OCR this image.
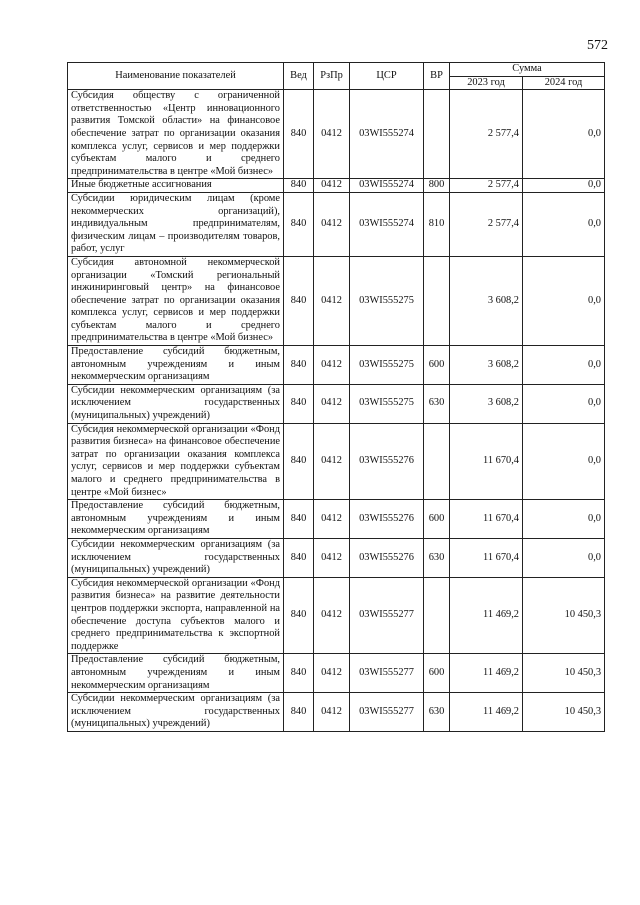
572
Наименование показателей	Вед	РзПр	ЦСР	ВР	Сумма	
					2023 год	2024 год
Субсидия обществу с ограниченной ответственностью «Центр инновационного развития Томской области» на финансовое обеспечение затрат по организации оказания комплекса услуг, сервисов и мер поддержки субъектам малого и среднего предпринимательства в центре «Мой бизнес»	840	0412	03WI555274		2 577,4	0,0
Иные бюджетные ассигнования	840	0412	03WI555274	800	2 577,4	0,0
Субсидии юридическим лицам (кроме некоммерческих организаций), индивидуальным предпринимателям, физическим лицам – производителям товаров, работ, услуг	840	0412	03WI555274	810	2 577,4	0,0
Субсидия автономной некоммерческой организации «Томский региональный инжиниринговый центр» на финансовое обеспечение затрат по организации оказания комплекса услуг, сервисов и мер поддержки субъектам малого и среднего предпринимательства в центре «Мой бизнес»	840	0412	03WI555275		3 608,2	0,0
Предоставление субсидий бюджетным, автономным учреждениям и иным некоммерческим организациям	840	0412	03WI555275	600	3 608,2	0,0
Субсидии некоммерческим организациям (за исключением государственных (муниципальных) учреждений)	840	0412	03WI555275	630	3 608,2	0,0
Субсидия некоммерческой организации «Фонд развития бизнеса» на финансовое обеспечение затрат по организации оказания комплекса услуг, сервисов и мер поддержки субъектам малого и среднего предпринимательства в центре «Мой бизнес»	840	0412	03WI555276		11 670,4	0,0
Предоставление субсидий бюджетным, автономным учреждениям и иным некоммерческим организациям	840	0412	03WI555276	600	11 670,4	0,0
Субсидии некоммерческим организациям (за исключением государственных (муниципальных) учреждений)	840	0412	03WI555276	630	11 670,4	0,0
Субсидия некоммерческой организации «Фонд развития бизнеса» на развитие деятельности центров поддержки экспорта, направленной на обеспечение доступа субъектов малого и среднего предпринимательства к экспортной поддержке	840	0412	03WI555277		11 469,2	10 450,3
Предоставление субсидий бюджетным, автономным учреждениям и иным некоммерческим организациям	840	0412	03WI555277	600	11 469,2	10 450,3
Субсидии некоммерческим организациям (за исключением государственных (муниципальных) учреждений)	840	0412	03WI555277	630	11 469,2	10 450,3
